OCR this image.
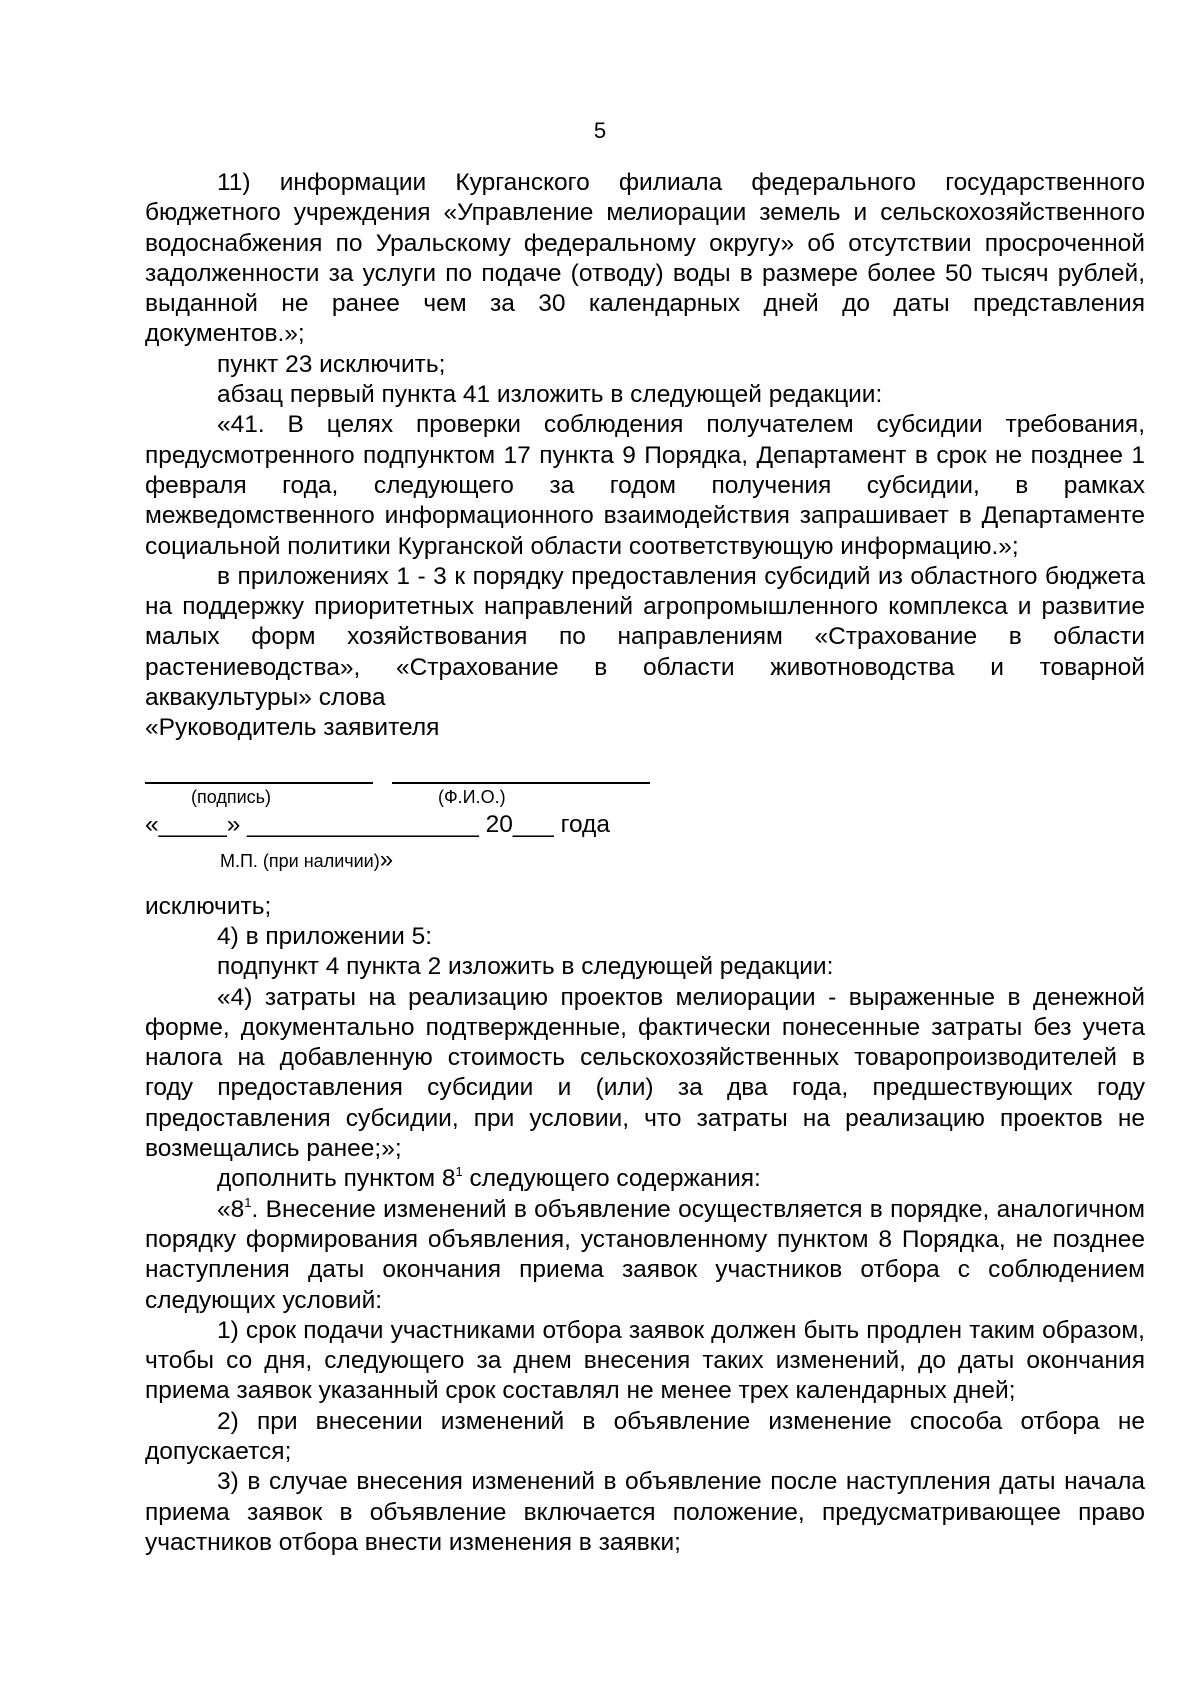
5

11) информации Курганского филиала федерального государственного бюджетного учреждения «Управление мелиорации земель и сельскохозяйственного водоснабжения по Уральскому федеральному округу» об отсутствии просроченной задолженности за услуги по подаче (отводу) воды в размере более 50 тысяч рублей, выданной не ранее чем за 30 календарных дней до даты представления документов.»;

пункт 23 исключить;

абзац первый пункта 41 изложить в следующей редакции:

«41. В целях проверки соблюдения получателем субсидии требования, предусмотренного подпунктом 17 пункта 9 Порядка, Департамент в срок не позднее 1 февраля года, следующего за годом получения субсидии, в рамках межведомственного информационного взаимодействия запрашивает в Департаменте социальной политики Курганской области соответствующую информацию.»;

в приложениях 1 - 3 к порядку предоставления субсидий из областного бюджета на поддержку приоритетных направлений агропромышленного комплекса и развитие малых форм хозяйствования по направлениям «Страхование в области растениеводства», «Страхование в области животноводства и товарной аквакультуры» слова

«Руководитель заявителя

(подпись)	(Ф.И.О.)
«_____» _________________ 20___ года
М.П. (при наличии)»

исключить;

4) в приложении 5:

подпункт 4 пункта 2 изложить в следующей редакции:

«4) затраты на реализацию проектов мелиорации - выраженные в денежной форме, документально подтвержденные, фактически понесенные затраты без учета налога на добавленную стоимость сельскохозяйственных товаропроизводителей в году предоставления субсидии и (или) за два года, предшествующих году предоставления субсидии, при условии, что затраты на реализацию проектов не возмещались ранее;»;

дополнить пунктом $8^1$ следующего содержания:

«$8^1$. Внесение изменений в объявление осуществляется в порядке, аналогичном порядку формирования объявления, установленному пунктом 8 Порядка, не позднее наступления даты окончания приема заявок участников отбора с соблюдением следующих условий:

1) срок подачи участниками отбора заявок должен быть продлен таким образом, чтобы со дня, следующего за днем внесения таких изменений, до даты окончания приема заявок указанный срок составлял не менее трех календарных дней;

2) при внесении изменений в объявление изменение способа отбора не допускается;

3) в случае внесения изменений в объявление после наступления даты начала приема заявок в объявление включается положение, предусматривающее право участников отбора внести изменения в заявки;
